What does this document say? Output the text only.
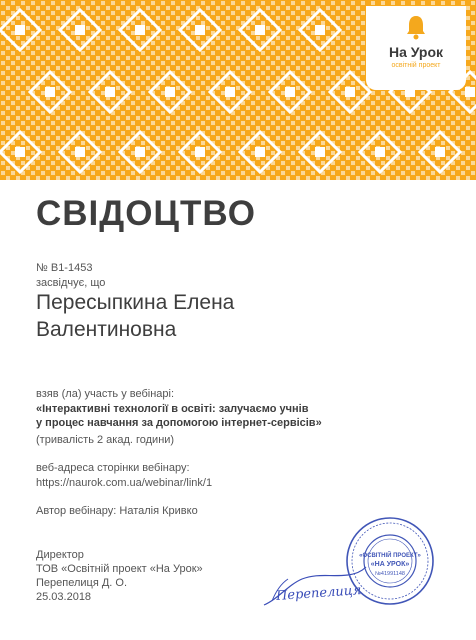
На Урок
освітній проект
СВІДОЦТВО
№ В1-1453
засвідчує, що
Пересыпкина Елена
Валентиновна
взяв (ла) участь у вебінарі:
«Інтерактивні технології в освіті: залучаємо учнів
у процес навчання за допомогою інтернет-сервісів»
(тривалість 2 акад. години)
веб-адреса сторінки вебінару:
https://naurok.com.ua/webinar/link/1
Автор вебінару: Наталія Кривко
Директор
ТОВ «Освітній проект «На Урок»
Перепелиця Д. О.
25.03.2018	Перепелиця
«ОСВІТНІЙ ПРОЕКТ»
«НА УРОК»
№41991148
